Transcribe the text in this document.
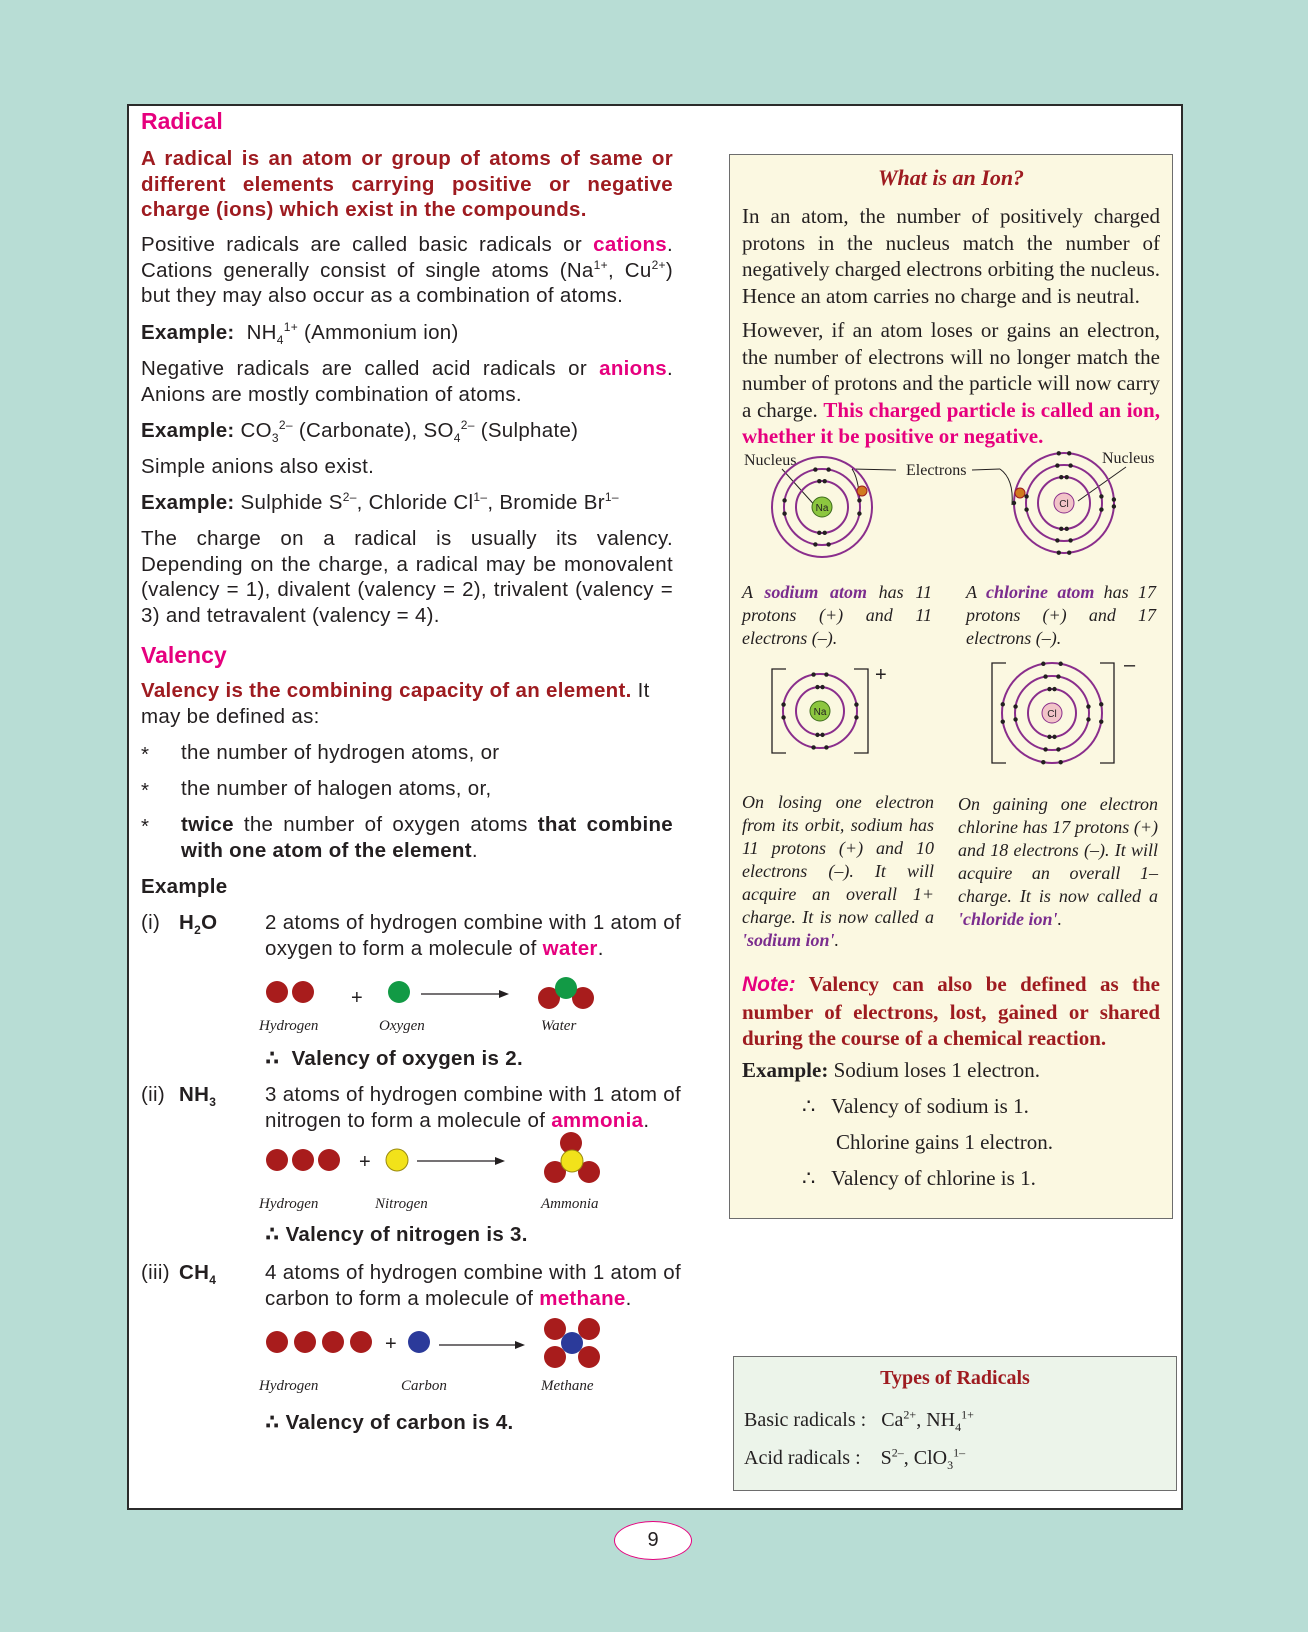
Radical
A radical is an atom or group of atoms of same or different elements carrying positive or negative charge (ions) which exist in the compounds.
Positive radicals are called basic radicals or cations. Cations generally consist of single atoms ($Na^{1+}$, $Cu^{2+}$) but they may also occur as a combination of atoms.
Example: $NH_4^{1+}$ (Ammonium ion)
Negative radicals are called acid radicals or anions. Anions are mostly combination of atoms.
Example: $CO_3^{2-}$ (Carbonate), $SO_4^{2-}$ (Sulphate)
Simple anions also exist.
Example: Sulphide $S^{2-}$, Chloride $Cl^{1-}$, Bromide $Br^{1-}$
The charge on a radical is usually its valency. Depending on the charge, a radical may be monovalent (valency = 1), divalent (valency = 2), trivalent (valency = 3) and tetravalent (valency = 4).
Valency
Valency is the combining capacity of an element. It may be defined as:
* the number of hydrogen atoms, or
* the number of halogen atoms, or,
* twice the number of oxygen atoms that combine with one atom of the element.
Example
(i) $H_2O$ 2 atoms of hydrogen combine with 1 atom of oxygen to form a molecule of water.
+
Hydrogen	Oxygen	Water
∴ Valency of oxygen is 2.
(ii) $NH_3$ 3 atoms of hydrogen combine with 1 atom of nitrogen to form a molecule of ammonia.
+
Hydrogen	Nitrogen	Ammonia
∴ Valency of nitrogen is 3.
(iii) $CH_4$ 4 atoms of hydrogen combine with 1 atom of carbon to form a molecule of methane.
+
Hydrogen	Carbon	Methane
∴ Valency of carbon is 4.
What is an Ion?
In an atom, the number of positively charged protons in the nucleus match the number of negatively charged electrons orbiting the nucleus. Hence an atom carries no charge and is neutral.
However, if an atom loses or gains an electron, the number of electrons will no longer match the number of protons and the particle will now carry a charge. This charged particle is called an ion, whether it be positive or negative.
Nucleus
Electrons
Nucleus
Na	Cl
A sodium atom has 11 protons (+) and 11 electrons (–).
A chlorine atom has 17 protons (+) and 17 electrons (–).
+
Na
–
Cl
On losing one electron from its orbit, sodium has 11 protons (+) and 10 electrons (–). It will acquire an overall 1+ charge. It is now called a 'sodium ion'.
On gaining one electron chlorine has 17 protons (+) and 18 electrons (–). It will acquire an overall 1– charge. It is now called a 'chloride ion'.
Note: Valency can also be defined as the number of electrons, lost, gained or shared during the course of a chemical reaction.
Example: Sodium loses 1 electron.
∴ Valency of sodium is 1.
Chlorine gains 1 electron.
∴ Valency of chlorine is 1.
Types of Radicals
Basic radicals : $Ca^{2+}$, $NH_4^{1+}$
Acid radicals : $S^{2-}$, ClO$_3^{1-}$
9
